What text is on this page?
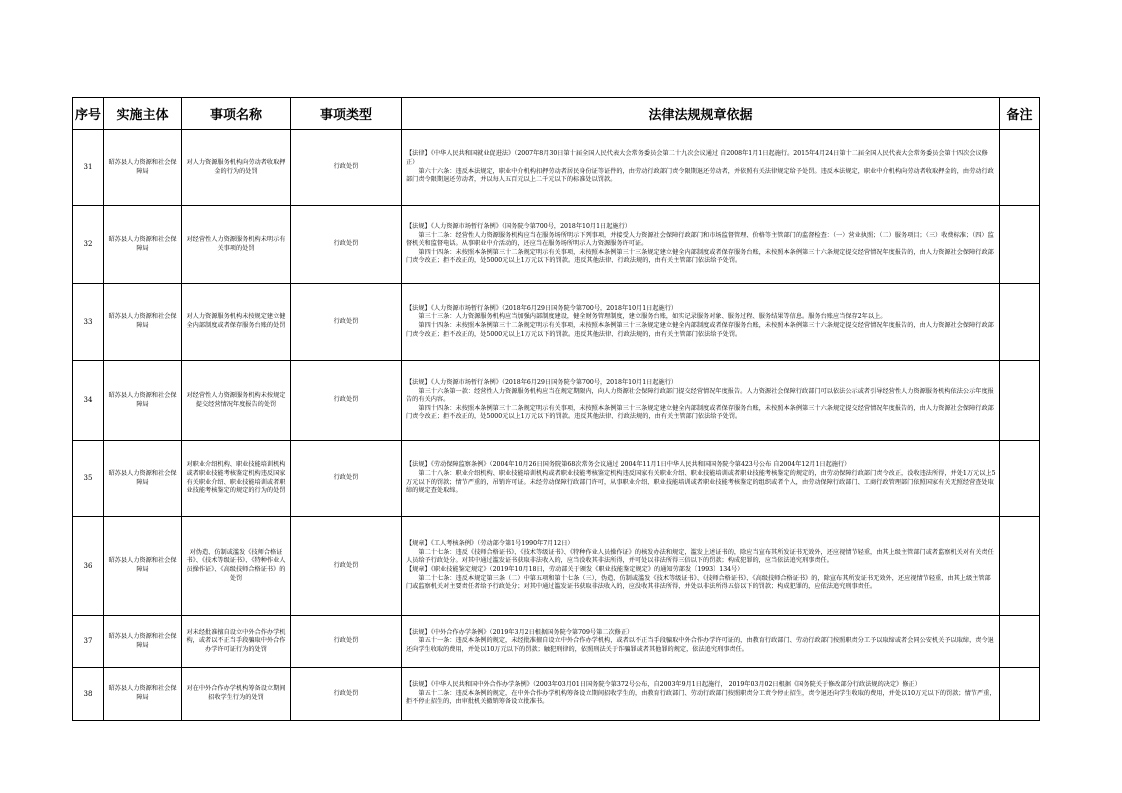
序号	实施主体	事项名称	事项类型	法律法规规章依据	备注
31	昭苏县人力资源和社会保障局	对人力资源服务机构向劳动者收取押金的行为的处罚	行政处罚	【法律】《中华人民共和国就业促进法》（2007年8月30日第十届全国人民代表大会常务委员会第二十九次会议通过 自2008年1月1日起施行。2015年4月24日第十二届全国人民代表大会常务委员会第十四次会议修正）

第六十六条：违反本法规定，职业中介机构扣押劳动者居民身份证等证件的，由劳动行政部门责令限期退还劳动者，并依照有关法律规定给予处罚。违反本法规定，职业中介机构向劳动者收取押金的，由劳动行政部门责令限期退还劳动者，并以每人五百元以上二千元以下的标准处以罚款。	

32	昭苏县人力资源和社会保障局	对经营性人力资源服务机构未明示有关事项的处罚	行政处罚	【法规】《人力资源市场暂行条例》（国务院令第700号，2018年10月1日起施行）

第三十二条：经营性人力资源服务机构应当在服务场所明示下列事项，并接受人力资源社会保障行政部门和市场监督管理、价格等主管部门的监督检查：（一）营业执照；（二）服务项目；（三）收费标准；（四）监督机关和监督电话。从事职业中介活动的，还应当在服务场所明示人力资源服务许可证。

第四十四条：未按照本条例第三十二条规定明示有关事项，未按照本条例第三十三条规定建立健全内部制度或者保存服务台账，未按照本条例第三十六条规定提交经营情况年度报告的，由人力资源社会保障行政部门责令改正；拒不改正的，处5000元以上1万元以下的罚款。违反其他法律、行政法规的，由有关主管部门依法给予处罚。	

33	昭苏县人力资源和社会保障局	对人力资源服务机构未按规定建立健全内部制度或者保存服务台账的处罚	行政处罚	【法规】《人力资源市场暂行条例》（2018年6月29日国务院令第700号，2018年10月1日起施行）

第三十三条：人力资源服务机构应当加强内部制度建设，健全财务管理制度，建立服务台账，如实记录服务对象、服务过程、服务结果等信息。服务台账应当保存2年以上。

第四十四条：未按照本条例第三十二条规定明示有关事项，未按照本条例第三十三条规定建立健全内部制度或者保存服务台账，未按照本条例第三十六条规定提交经营情况年度报告的，由人力资源社会保障行政部门责令改正；拒不改正的，处5000元以上1万元以下的罚款。违反其他法律、行政法规的，由有关主管部门依法给予处罚。	

34	昭苏县人力资源和社会保障局	对经营性人力资源服务机构未按规定提交经营情况年度报告的处罚	行政处罚	【法规】《人力资源市场暂行条例》（2018年6月29日国务院令第700号，2018年10月1日起施行）

第三十六条第一款：经营性人力资源服务机构应当在规定期限内，向人力资源社会保障行政部门提交经营情况年度报告。人力资源社会保障行政部门可以依法公示或者引导经营性人力资源服务机构依法公示年度报告的有关内容。

第四十四条：未按照本条例第三十二条规定明示有关事项，未按照本条例第三十三条规定建立健全内部制度或者保存服务台账，未按照本条例第三十六条规定提交经营情况年度报告的，由人力资源社会保障行政部门责令改正；拒不改正的，处5000元以上1万元以下的罚款。违反其他法律、行政法规的，由有关主管部门依法给予处罚。	

35	昭苏县人力资源和社会保障局	对职业介绍机构、职业技能培训机构或者职业技能考核鉴定机构违反国家有关职业介绍、职业技能培训或者职业技能考核鉴定的规定的行为的处罚	行政处罚	【法规】《劳动保障监察条例》（2004年10月26日国务院第68次常务会议通过 2004年11月1日中华人民共和国国务院令第423号公布 自2004年12月1日起施行）

第二十八条：职业介绍机构、职业技能培训机构或者职业技能考核鉴定机构违反国家有关职业介绍、职业技能培训或者职业技能考核鉴定的规定的，由劳动保障行政部门责令改正，没收违法所得，并处1万元以上5万元以下的罚款；情节严重的，吊销许可证。未经劳动保障行政部门许可，从事职业介绍、职业技能培训或者职业技能考核鉴定的组织或者个人，由劳动保障行政部门、工商行政管理部门依照国家有关无照经营查处取缔的规定查处取缔。	

36	昭苏县人力资源和社会保障局	对伪造、仿制或滥发《技师合格证书》、《技术等级证书》、《特种作业人员操作证》、《高级技师合格证书》的处罚	行政处罚	【规章】《工人考核条例》（劳动部令第1号1990年7月12日）

第二十七条：违反《技师合格证书》、《技术等级证书》、《特种作业人员操作证》的核发办法和规定，滥发上述证书的，除应当宣布其所发证书无效外，还应视情节轻重，由其上级主管部门或者监察机关对有关责任人员给予行政处分。对其中通过滥发证书获取非法收入的，应当没收其非法所得，并可处以非法所得三倍以下的罚款；构成犯罪的，应当依法追究刑事责任。

【规章】《职业技能鉴定规定》（2019年10月18日，劳动部关于颁发《职业技能鉴定规定》的通知劳部发〔1993〕134号）

第二十七条：违反本规定第三条（二）中第五项和第十七条（三），伪造、仿制或滥发《技术等级证书》、《技师合格证书》、《高级技师合格证书》的，除宣布其所发证书无效外，还应视情节轻重，由其上级主管部门或监察机关对主要责任者给予行政处分；对其中通过滥发证书获取非法收入的，应没收其非法所得，并处以非法所得五倍以下的罚款；构成犯罪的，应依法追究刑事责任。	

37	昭苏县人力资源和社会保障局	对未经批准擅自设立中外合作办学机构，或者以不正当手段骗取中外合作办学许可证行为的处罚	行政处罚	【法规】《中外合作办学条例》（2019年3月2日根据国务院令第709号第二次修正）

第五十一条：违反本条例的规定，未经批准擅自设立中外合作办学机构，或者以不正当手段骗取中外合作办学许可证的，由教育行政部门、劳动行政部门按照职责分工予以取缔或者会同公安机关予以取缔，责令退还向学生收取的费用，并处以10万元以下的罚款；触犯刑律的，依照刑法关于诈骗罪或者其他罪的规定，依法追究刑事责任。	

38	昭苏县人力资源和社会保障局	对在中外合作办学机构筹备设立期间招收学生行为的处罚	行政处罚	【法规】《中华人民共和国中外合作办学条例》（2003年03月01日国务院令第372号公布，自2003年9月1日起施行， 2019年03月02日根据《国务院关于修改部分行政法规的决定》修正）

第五十二条：违反本条例的规定，在中外合作办学机构筹备设立期间招收学生的，由教育行政部门、劳动行政部门按照职责分工责令停止招生，责令退还向学生收取的费用，并处以10万元以下的罚款；情节严重，拒不停止招生的，由审批机关撤销筹备设立批准书。	
